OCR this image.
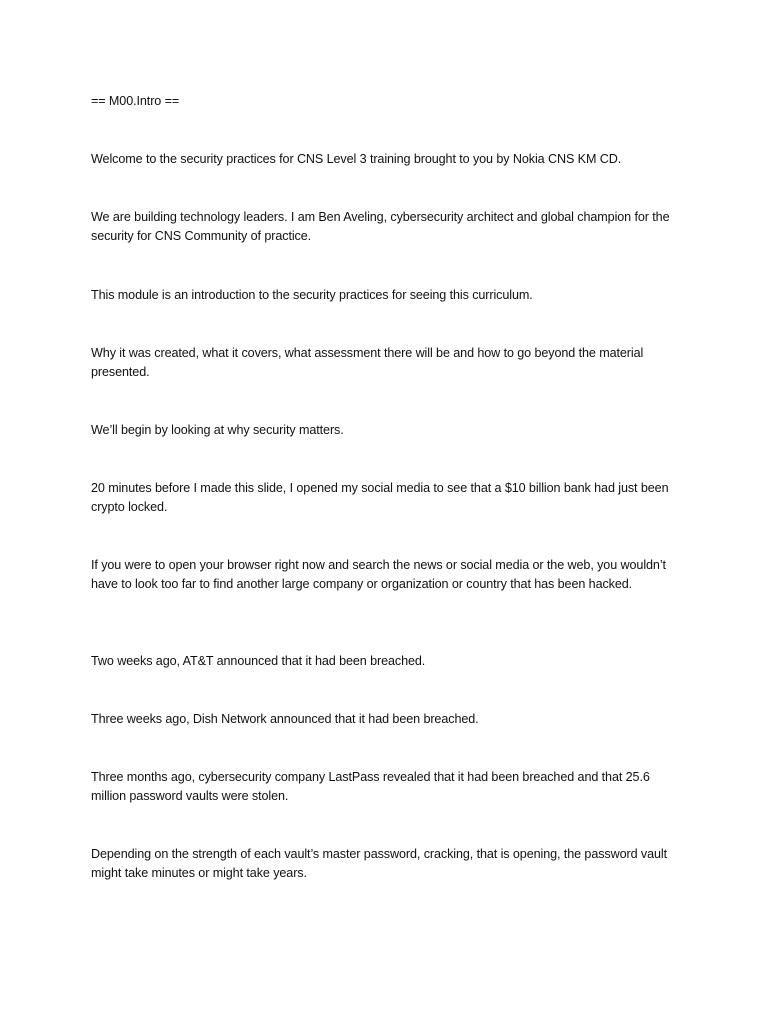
== M00.Intro ==

Welcome to the security practices for CNS Level 3 training brought to you by Nokia CNS KM CD.

We are building technology leaders. I am Ben Aveling, cybersecurity architect and global champion for the security for CNS Community of practice.

This module is an introduction to the security practices for seeing this curriculum.

Why it was created, what it covers, what assessment there will be and how to go beyond the material presented.

We’ll begin by looking at why security matters.

20 minutes before I made this slide, I opened my social media to see that a $10 billion bank had just been crypto locked.

If you were to open your browser right now and search the news or social media or the web, you wouldn’t have to look too far to find another large company or organization or country that has been hacked.

Two weeks ago, AT&T announced that it had been breached.

Three weeks ago, Dish Network announced that it had been breached.

Three months ago, cybersecurity company LastPass revealed that it had been breached and that 25.6 million password vaults were stolen.

Depending on the strength of each vault’s master password, cracking, that is opening, the password vault might take minutes or might take years.
